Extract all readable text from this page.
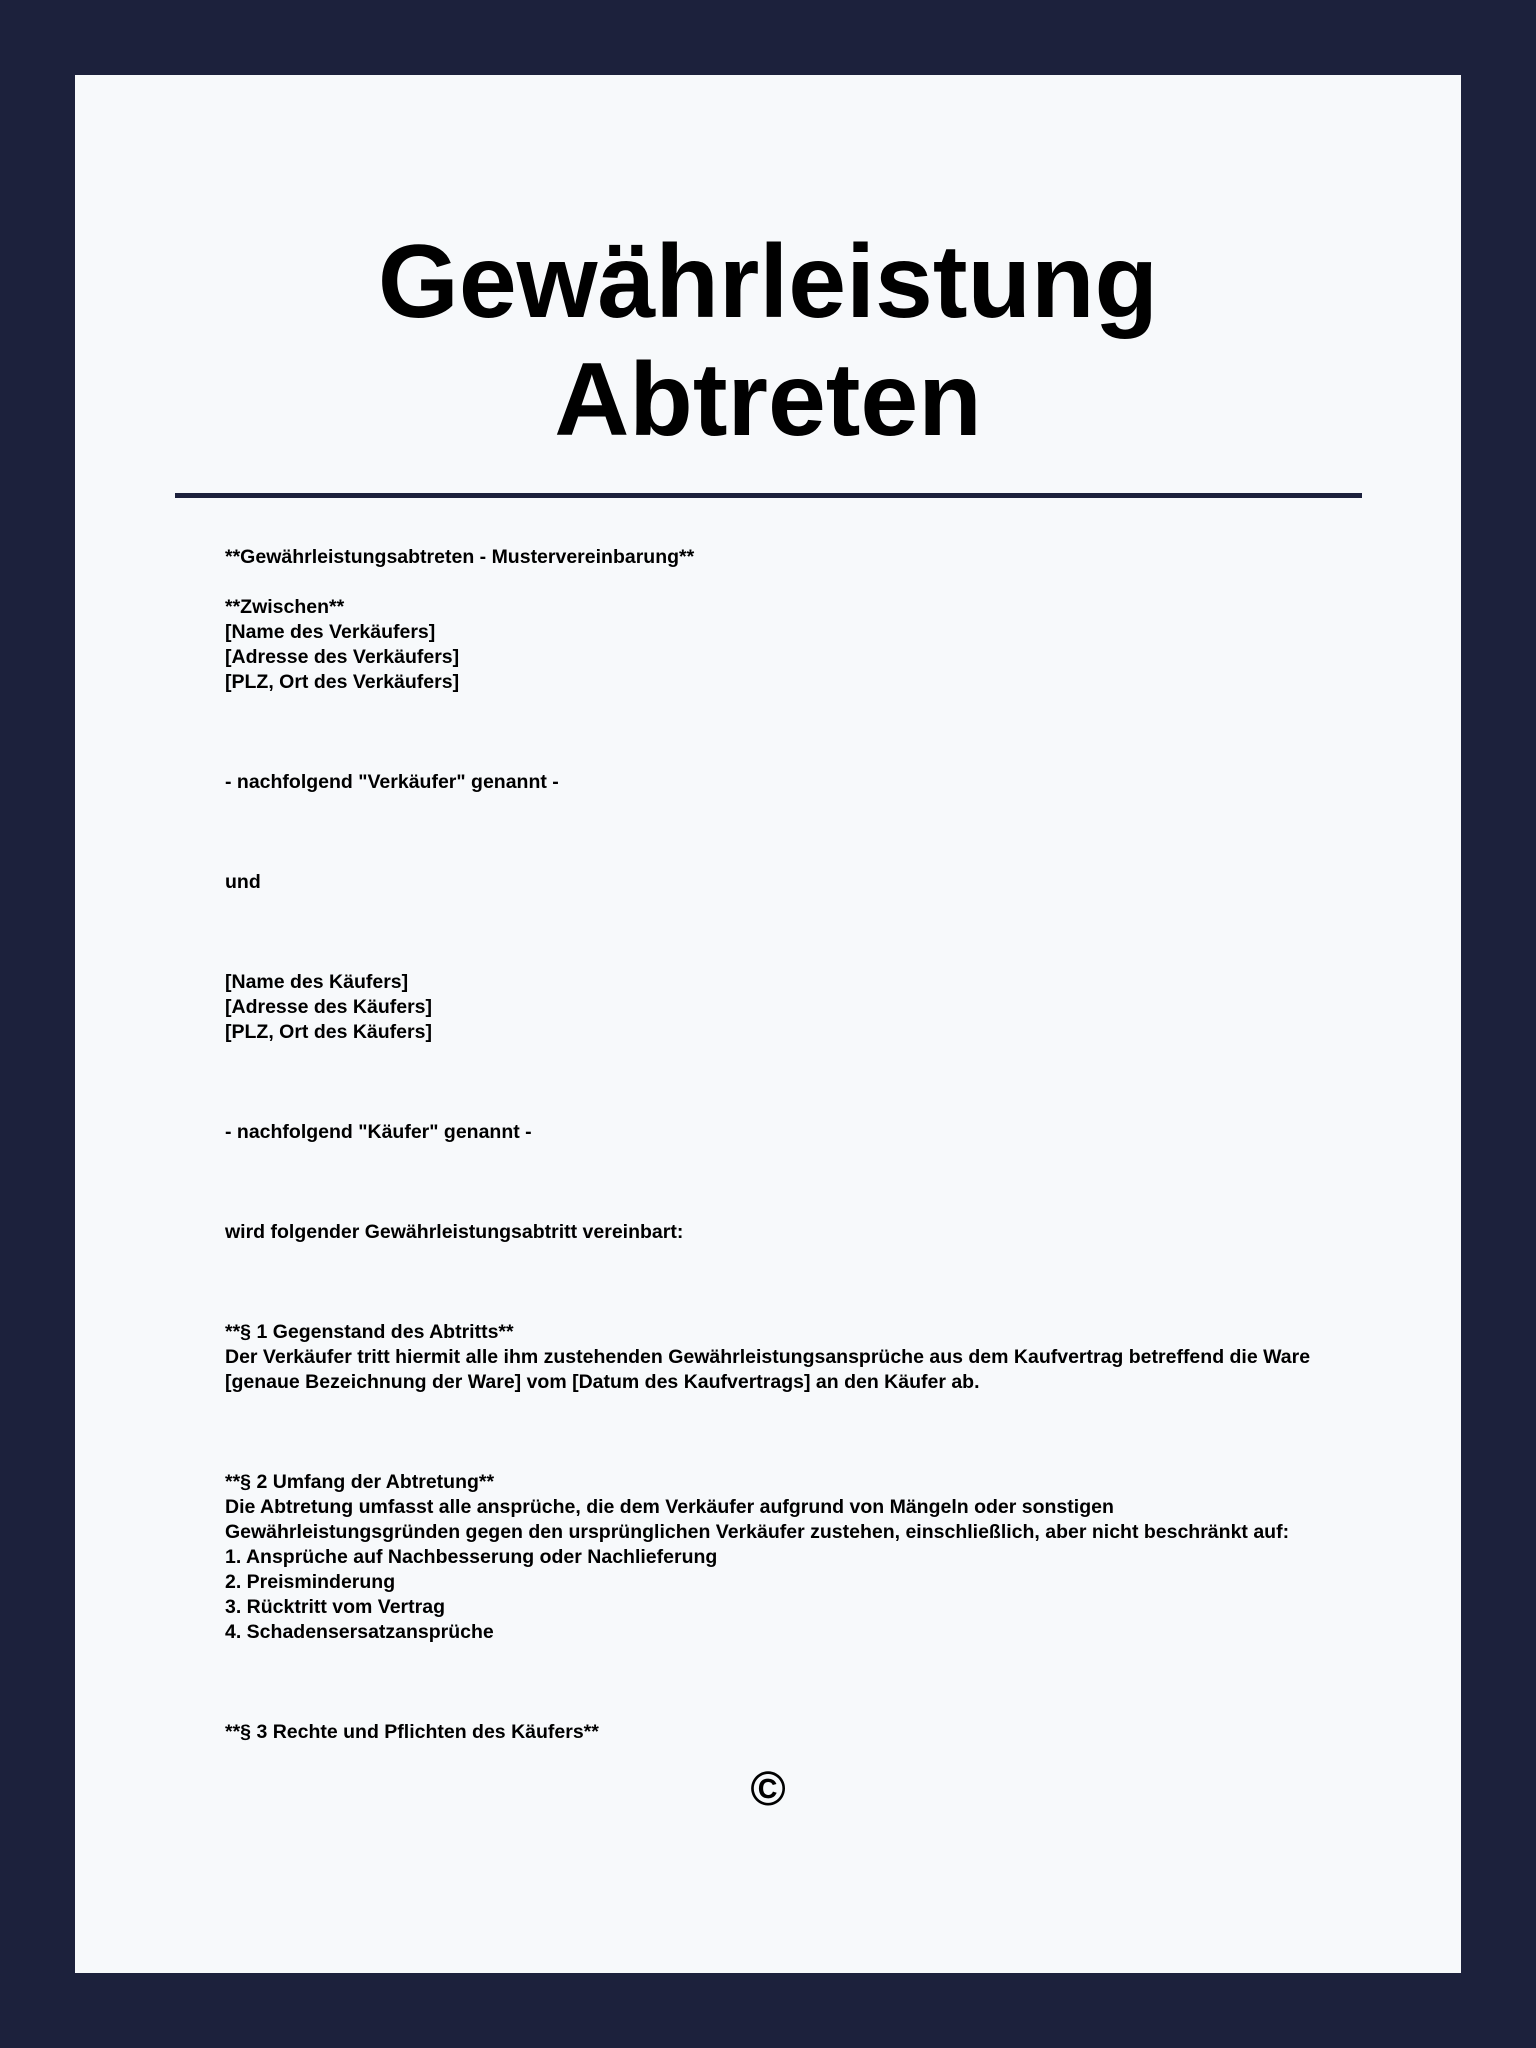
Gewährleistung
Abtreten
**Gewährleistungsabtreten - Mustervereinbarung**

**Zwischen**
[Name des Verkäufers]
[Adresse des Verkäufers]
[PLZ, Ort des Verkäufers]

- nachfolgend "Verkäufer" genannt -

und

[Name des Käufers]
[Adresse des Käufers]
[PLZ, Ort des Käufers]

- nachfolgend "Käufer" genannt -

wird folgender Gewährleistungsabtritt vereinbart:

**§ 1 Gegenstand des Abtritts**
Der Verkäufer tritt hiermit alle ihm zustehenden Gewährleistungsansprüche aus dem Kaufvertrag betreffend die Ware
[genaue Bezeichnung der Ware] vom [Datum des Kaufvertrags] an den Käufer ab.

**§ 2 Umfang der Abtretung**
Die Abtretung umfasst alle ansprüche, die dem Verkäufer aufgrund von Mängeln oder sonstigen
Gewährleistungsgründen gegen den ursprünglichen Verkäufer zustehen, einschließlich, aber nicht beschränkt auf:
1. Ansprüche auf Nachbesserung oder Nachlieferung
2. Preisminderung
3. Rücktritt vom Vertrag
4. Schadensersatzansprüche

**§ 3 Rechte und Pflichten des Käufers**
©
